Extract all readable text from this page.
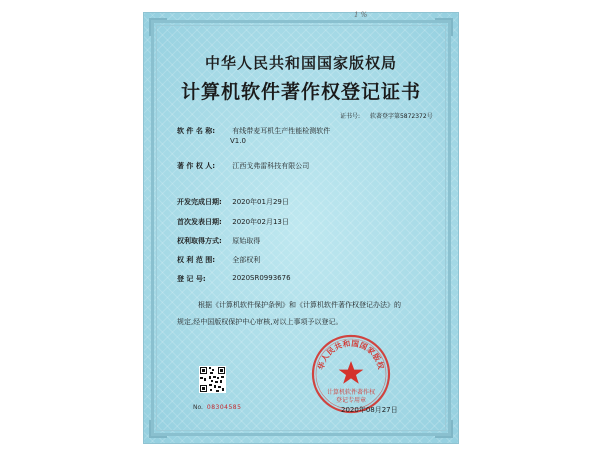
1 %
中华人民共和国国家版权局
计算机软件著作权登记证书
证书号: 软著登字第5872372号
软 件 名 称: 有线带麦耳机生产性能检测软件
V1.0
著 作 权 人: 江西戈弗雷科技有限公司
开发完成日期: 2020年01月29日
首次发表日期: 2020年02月13日
权利取得方式: 原始取得
权 利 范 围: 全部权利
登 记 号:	2020SR0993676
根据《计算机软件保护条例》和《计算机软件著作权登记办法》的
规定,经中国版权保护中心审核,对以上事项予以登记。
No. 08304585
华人民共和国国家版权
计算机软件著作权
登记专用章
2020年08月27日
